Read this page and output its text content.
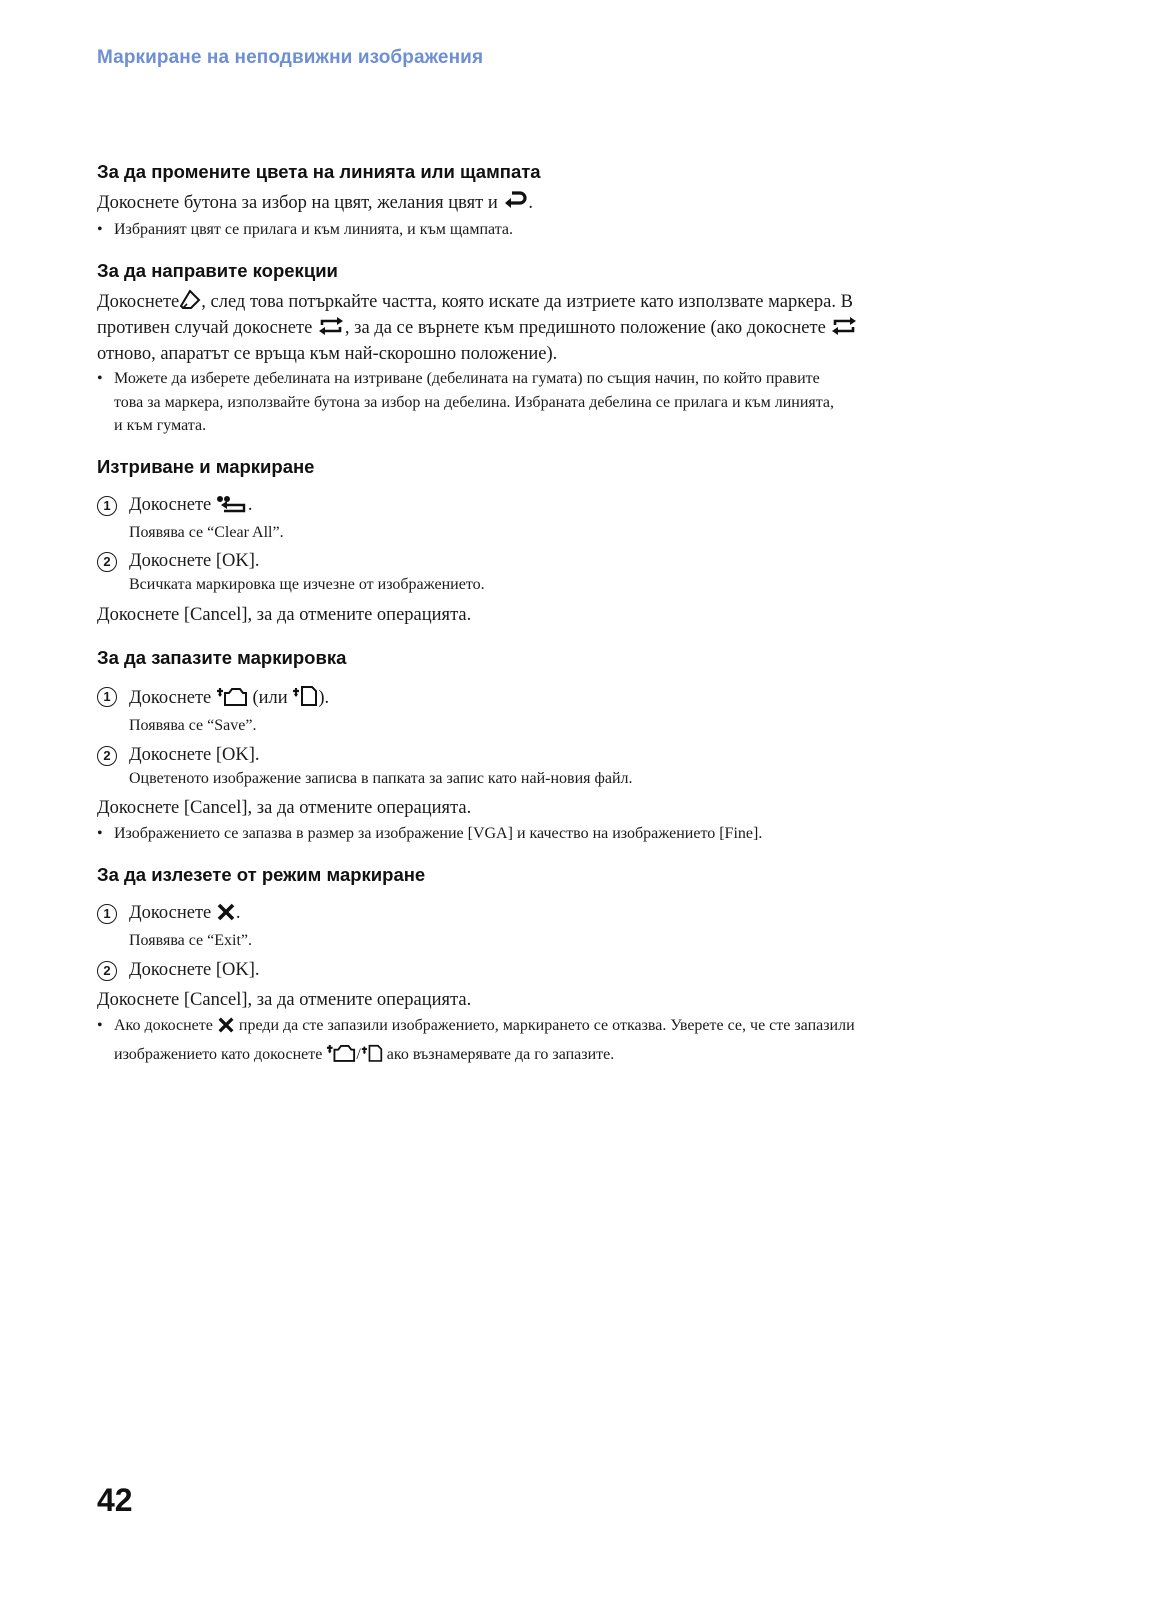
Маркиране на неподвижни изображения
За да промените цвета на линията или щампата

Докоснете бутона за избор на цвят, желания цвят и .

• Избраният цвят се прилага и към линията, и към щампата.

За да направите корекции

Докоснете , след това потъркайте частта, която искате да изтриете като използвате маркера. В

противен случай докоснете , за да се върнете към предишното положение (ако докоснете

отново, апаратът се връща към най-скорошно положение).

• Можете да изберете дебелината на изтриване (дебелината на гумата) по същия начин, по който правите

това за маркера, използвайте бутона за избор на дебелина. Избраната дебелина се прилага и към линията,

и към гумата.

Изтриване и маркиране
1 Докоснете .
Появява се “Clear All”.
2 Докоснете [OK].
Всичката маркировка ще изчезне от изображението.

Докоснете [Cancel], за да отмените операцията.

За да запазите маркировка
1 Докоснете  (или ).
Появява се “Save”.
2 Докоснете [OK].
Оцветеното изображение записва в папката за запис като най-новия файл.

Докоснете [Cancel], за да отмените операцията.

• Изображението се запазва в размер за изображение [VGA] и качество на изображението [Fine].

За да излезете от режим маркиране
1 Докоснете .
Появява се “Exit”.
2 Докоснете [OK].

Докоснете [Cancel], за да отмените операцията.

• Ако докоснете преди да сте запазили изображението, маркирането се отказва. Уверете се, че сте запазили

изображението като докоснете / ако възнамерявате да го запазите.

42
